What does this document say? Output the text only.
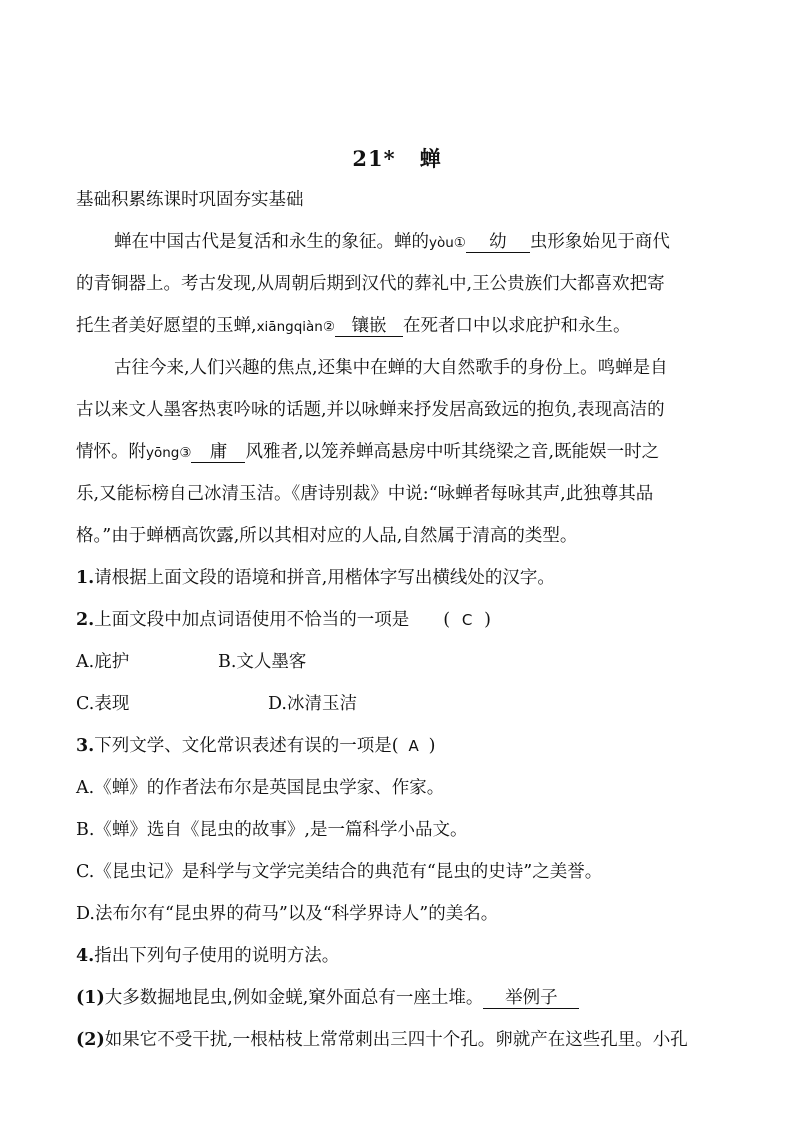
21* 蝉
基础积累练课时巩固夯实基础
蝉在中国古代是复活和永生的象征。蝉的yòu① 幼 虫形象始见于商代
的青铜器上。考古发现,从周朝后期到汉代的葬礼中,王公贵族们大都喜欢把寄
托生者美好愿望的玉蝉,xiāngqiàn② 镶嵌 在死者口中以求庇护和永生。
古往今来,人们兴趣的焦点,还集中在蝉的大自然歌手的身份上。鸣蝉是自
古以来文人墨客热衷吟咏的话题,并以咏蝉来抒发居高致远的抱负,表现高洁的
情怀。附yōng③ 庸 风雅者,以笼养蝉高悬房中听其绕梁之音,既能娱一时之
乐,又能标榜自己冰清玉洁。《唐诗别裁》中说:“咏蝉者每咏其声,此独尊其品
格。”由于蝉栖高饮露,所以其相对应的人品,自然属于清高的类型。
1.请根据上面文段的语境和拼音,用楷体字写出横线处的汉字。
2.上面文段中加点词语使用不恰当的一项是 ( C )
A.庇护	B.文人墨客
C.表现	D.冰清玉洁
3.下列文学、文化常识表述有误的一项是( A )
A.《蝉》的作者法布尔是英国昆虫学家、作家。
B.《蝉》选自《昆虫的故事》,是一篇科学小品文。
C.《昆虫记》是科学与文学完美结合的典范有“昆虫的史诗”之美誉。
D.法布尔有“昆虫界的荷马”以及“科学界诗人”的美名。
4.指出下列句子使用的说明方法。
(1)大多数掘地昆虫,例如金蜣,窠外面总有一座土堆。 举例子
(2)如果它不受干扰,一根枯枝上常常刺出三四十个孔。卵就产在这些孔里。小孔
